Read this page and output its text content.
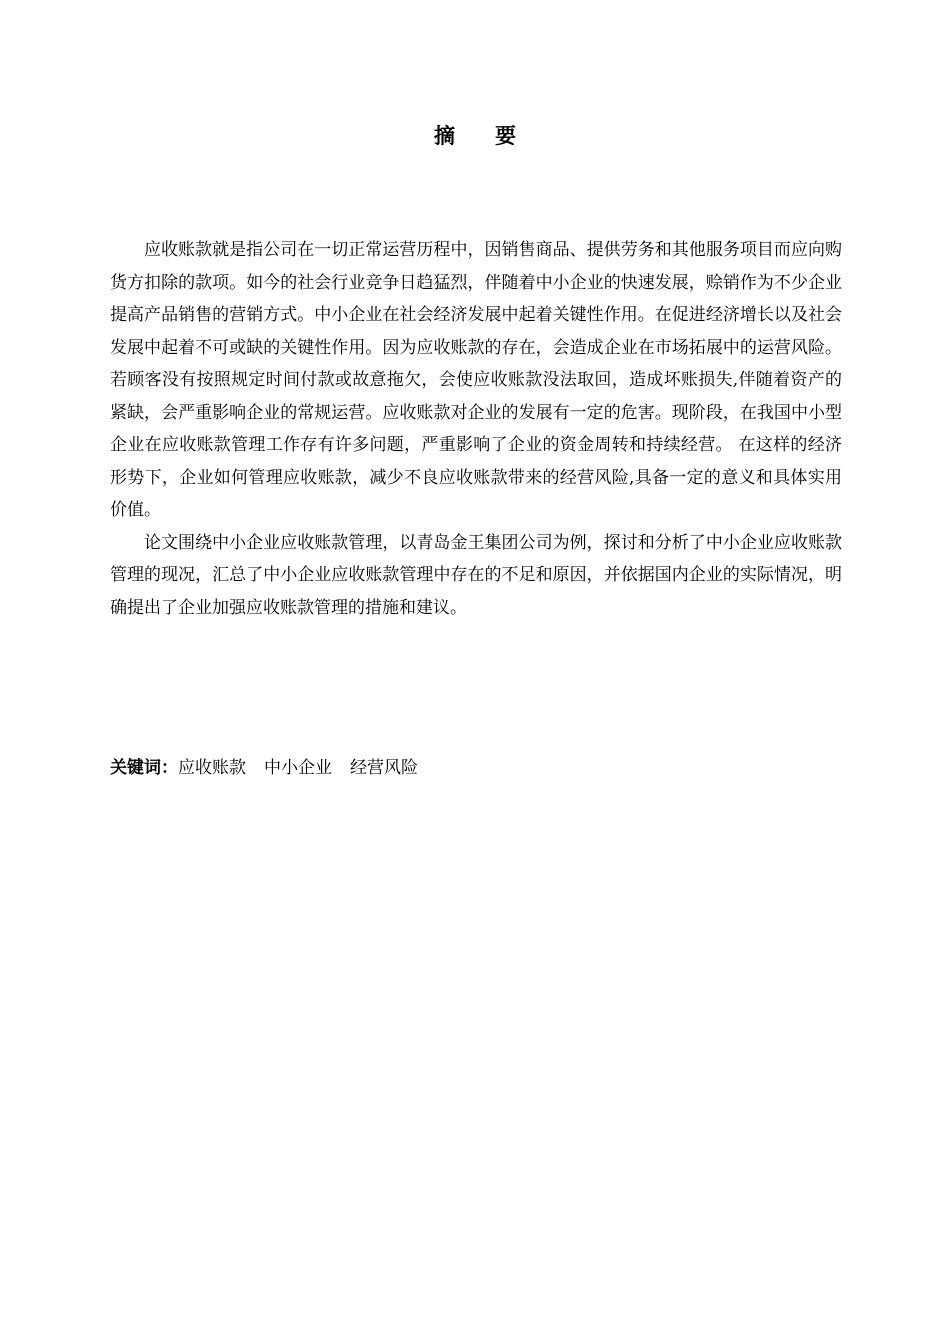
摘要

应收账款就是指公司在一切正常运营历程中，因销售商品、提供劳务和其他服务项目而应向购货方扣除的款项。如今的社会行业竞争日趋猛烈，伴随着中小企业的快速发展，赊销作为不少企业提高产品销售的营销方式。中小企业在社会经济发展中起着关键性作用。在促进经济增长以及社会发展中起着不可或缺的关键性作用。因为应收账款的存在，会造成企业在市场拓展中的运营风险。若顾客没有按照规定时间付款或故意拖欠，会使应收账款没法取回，造成坏账损失,伴随着资产的紧缺，会严重影响企业的常规运营。应收账款对企业的发展有一定的危害。现阶段，在我国中小型企业在应收账款管理工作存有许多问题，严重影响了企业的资金周转和持续经营。 在这样的经济形势下，企业如何管理应收账款，减少不良应收账款带来的经营风险,具备一定的意义和具体实用价值。

论文围绕中小企业应收账款管理，以青岛金王集团公司为例，探讨和分析了中小企业应收账款管理的现况，汇总了中小企业应收账款管理中存在的不足和原因，并依据国内企业的实际情况，明确提出了企业加强应收账款管理的措施和建议。

关键词：应收账款 中小企业 经营风险
